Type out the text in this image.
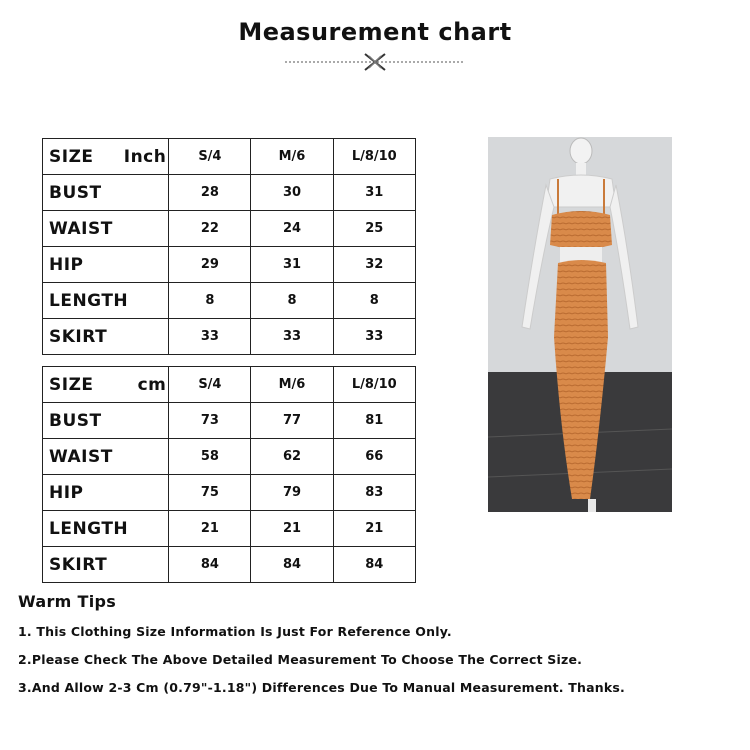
Measurement chart
SIZE Inch	S/4	M/6	L/8/10
BUST	28	30	31
WAIST	22	24	25
HIP	29	31	32
LENGTH	8	8	8
SKIRT	33	33	33
SIZE cm	S/4	M/6	L/8/10
BUST	73	77	81
WAIST	58	62	66
HIP	75	79	83
LENGTH	21	21	21
SKIRT	84	84	84
Warm Tips
1. This Clothing Size Information Is Just For Reference Only.
2.Please Check The Above Detailed Measurement To Choose The Correct Size.
3.And Allow 2-3 Cm (0.79"-1.18") Differences Due To Manual Measurement. Thanks.
